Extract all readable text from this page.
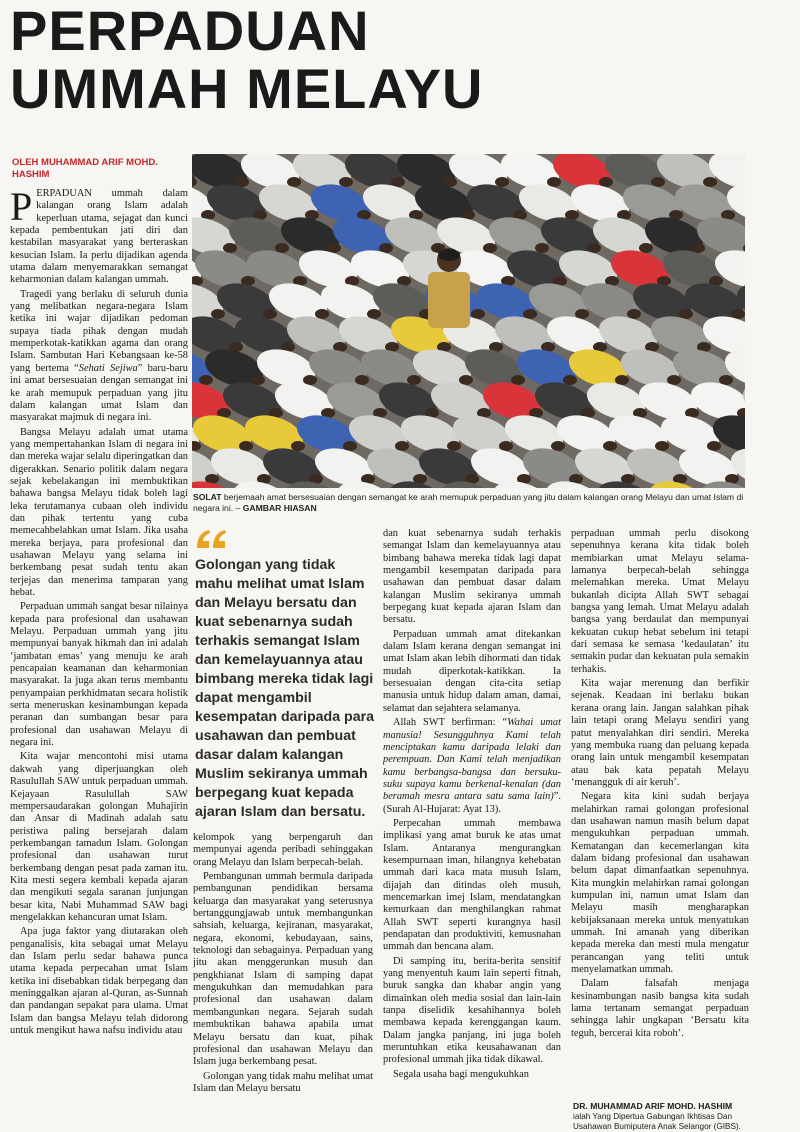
PERPADUAN
UMMAH MELAYU
OLEH MUHAMMAD ARIF MOHD. HASHIM

PERPADUAN ummah dalam kalangan orang Islam adalah keperluan utama, sejagat dan kunci kepada pembentukan jati diri dan kestabilan masyarakat yang berteraskan kesucian Islam. Ia perlu dijadikan agenda utama dalam menyemarakkan semangat keharmonian dalam kalangan ummah.

Tragedi yang berlaku di seluruh dunia yang melibatkan negara-negara Islam ketika ini wajar dijadikan pedoman supaya tiada pihak dengan mudah memperkotak-katikkan agama dan orang Islam. Sambutan Hari Kebangsaan ke-58 yang bertema “Sehati Sejiwa” baru-baru ini amat bersesuaian dengan semangat ini ke arah memupuk perpaduan yang jitu dalam kalangan umat Islam dan masyarakat majmuk di negara ini.

Bangsa Melayu adalah umat utama yang mempertahankan Islam di negara ini dan mereka wajar selalu diperingatkan dan digerakkan. Senario politik dalam negara sejak kebelakangan ini membuktikan bahawa bangsa Melayu tidak boleh lagi leka terutamanya cubaan oleh individu dan pihak tertentu yang cuba memecahbelahkan umat Islam. Jika usaha mereka berjaya, para profesional dan usahawan Melayu yang selama ini berkembang pesat sudah tentu akan terjejas dan menerima tamparan yang hebat.

Perpaduan ummah sangat besar nilainya kepada para profesional dan usahawan Melayu. Perpaduan ummah yang jitu mempunyai banyak hikmah dan ini adalah ‘jambatan emas’ yang menuju ke arah pencapaian keamanan dan keharmonian masyarakat. Ia juga akan terus membantu penyampaian perkhidmatan secara holistik serta meneruskan kesinambungan kepada peranan dan sumbangan besar para profesional dan usahawan Melayu di negara ini.

Kita wajar mencontohi misi utama dakwah yang diperjuangkan oleh Rasulullah SAW untuk perpaduan ummah. Kejayaan Rasulullah SAW mempersaudarakan golongan Muhajirin dan Ansar di Madinah adalah satu peristiwa paling bersejarah dalam perkembangan tamadun Islam. Golongan profesional dan usahawan turut berkembang dengan pesat pada zaman itu. Kita mesti segera kembali kepada ajaran dan mengikuti segala saranan junjungan besar kita, Nabi Muhammad SAW bagi mengelakkan kehancuran umat Islam.

Apa juga faktor yang diutarakan oleh penganalisis, kita sebagai umat Melayu dan Islam perlu sedar bahawa punca utama kepada perpecahan umat Islam ketika ini disebabkan tidak berpegang dan meninggalkan ajaran al-Quran, as-Sunnah dan pandangan sepakat para ulama. Umat Islam dan bangsa Melayu telah didorong untuk mengikut hawa nafsu individu atau

SOLAT berjemaah amat bersesuaian dengan semangat ke arah memupuk perpaduan yang jitu dalam kalangan orang Melayu dan umat Islam di negara ini. – GAMBAR HIASAN

Golongan yang tidak mahu melihat umat Islam dan Melayu bersatu dan kuat sebenarnya sudah terhakis semangat Islam dan kemelayuannya atau bimbang mereka tidak lagi dapat mengambil kesempatan daripada para usahawan dan pembuat dasar dalam kalangan Muslim sekiranya ummah berpegang kuat kepada ajaran Islam dan bersatu.

kelompok yang berpengaruh dan mempunyai agenda peribadi sehinggakan orang Melayu dan Islam berpecah-belah.

Pembangunan ummah bermula daripada pembangunan pendidikan bersama keluarga dan masyarakat yang seterusnya bertanggungjawab untuk membangunkan sahsiah, keluarga, kejiranan, masyarakat, negara, ekonomi, kebudayaan, sains, teknologi dan sebagainya. Perpaduan yang jitu akan menggerunkan musuh dan pengkhianat Islam di samping dapat mengukuhkan dan memudahkan para profesional dan usahawan dalam membangunkan negara. Sejarah sudah membuktikan bahawa apabila umat Melayu bersatu dan kuat, pihak profesional dan usahawan Melayu dan Islam juga berkembang pesat.

Golongan yang tidak mahu melihat umat Islam dan Melayu bersatu

dan kuat sebenarnya sudah terhakis semangat Islam dan kemelayuannya atau bimbang bahawa mereka tidak lagi dapat mengambil kesempatan daripada para usahawan dan pembuat dasar dalam kalangan Muslim sekiranya ummah berpegang kuat kepada ajaran Islam dan bersatu.

Perpaduan ummah amat ditekankan dalam Islam kerana dengan semangat ini umat Islam akan lebih dihormati dan tidak mudah diperkotak-katikkan. Ia bersesuaian dengan cita-cita setiap manusia untuk hidup dalam aman, damai, selamat dan sejahtera selamanya.

Allah SWT berfirman: “Wahai umat manusia! Sesungguhnya Kami telah menciptakan kamu daripada lelaki dan perempuan. Dan Kami telah menjadikan kamu berbangsa-bangsa dan bersuku-suku supaya kamu berkenal-kenalan (dan beramah mesra antara satu sama lain)”. (Surah Al-Hujarat: Ayat 13).

Perpecahan ummah membawa implikasi yang amat buruk ke atas umat Islam. Antaranya mengurangkan kesempurnaan iman, hilangnya kehebatan ummah dari kaca mata musuh Islam, dijajah dan ditindas oleh musuh, mencemarkan imej Islam, mendatangkan kemurkaan dan menghilangkan rahmat Allah SWT seperti kurangnya hasil pendapatan dan produktiviti, kemusnahan ummah dan bencana alam.

Di samping itu, berita-berita sensitif yang menyentuh kaum lain seperti fitnah, buruk sangka dan khabar angin yang dimainkan oleh media sosial dan lain-lain tanpa diselidik kesahihannya boleh membawa kepada kerenggangan kaum. Dalam jangka panjang, ini juga boleh meruntuhkan etika keusahawanan dan profesional ummah jika tidak dikawal.

Segala usaha bagi mengukuhkan

perpaduan ummah perlu disokong sepenuhnya kerana kita tidak boleh membiarkan umat Melayu selama-lamanya berpecah-belah sehingga melemahkan mereka. Umat Melayu bukanlah dicipta Allah SWT sebagai bangsa yang lemah. Umat Melayu adalah bangsa yang berdaulat dan mempunyai kekuatan cukup hebat sebelum ini tetapi dari semasa ke semasa ‘kedaulatan’ itu semakin pudar dan kekuatan pula semakin terhakis.

Kita wajar merenung dan berfikir sejenak. Keadaan ini berlaku bukan kerana orang lain. Jangan salahkan pihak lain tetapi orang Melayu sendiri yang patut menyalahkan diri sendiri. Mereka yang membuka ruang dan peluang kepada orang lain untuk mengambil kesempatan atau bak kata pepatah Melayu ‘menangguk di air keruh’.

Negara kita kini sudah berjaya melahirkan ramai golongan profesional dan usahawan namun masih belum dapat mengukuhkan perpaduan ummah. Kematangan dan kecemerlangan kita dalam bidang profesional dan usahawan belum dapat dimanfaatkan sepenuhnya. Kita mungkin melahirkan ramai golongan kumpulan ini, namun umat Islam dan Melayu masih mengharapkan kebijaksanaan mereka untuk menyatukan ummah. Ini amanah yang diberikan kepada mereka dan mesti mula mengatur perancangan yang teliti untuk menyelamatkan ummah.

Dalam falsafah menjaga kesinambungan nasib bangsa kita sudah lama tertanam semangat perpaduan sehingga lahir ungkapan ‘Bersatu kita teguh, bercerai kita roboh’.

DR. MUHAMMAD ARIF MOHD. HASHIM
ialah Yang Dipertua Gabungan Ikhtisas Dan Usahawan Bumiputera Anak Selangor (GIBS).
